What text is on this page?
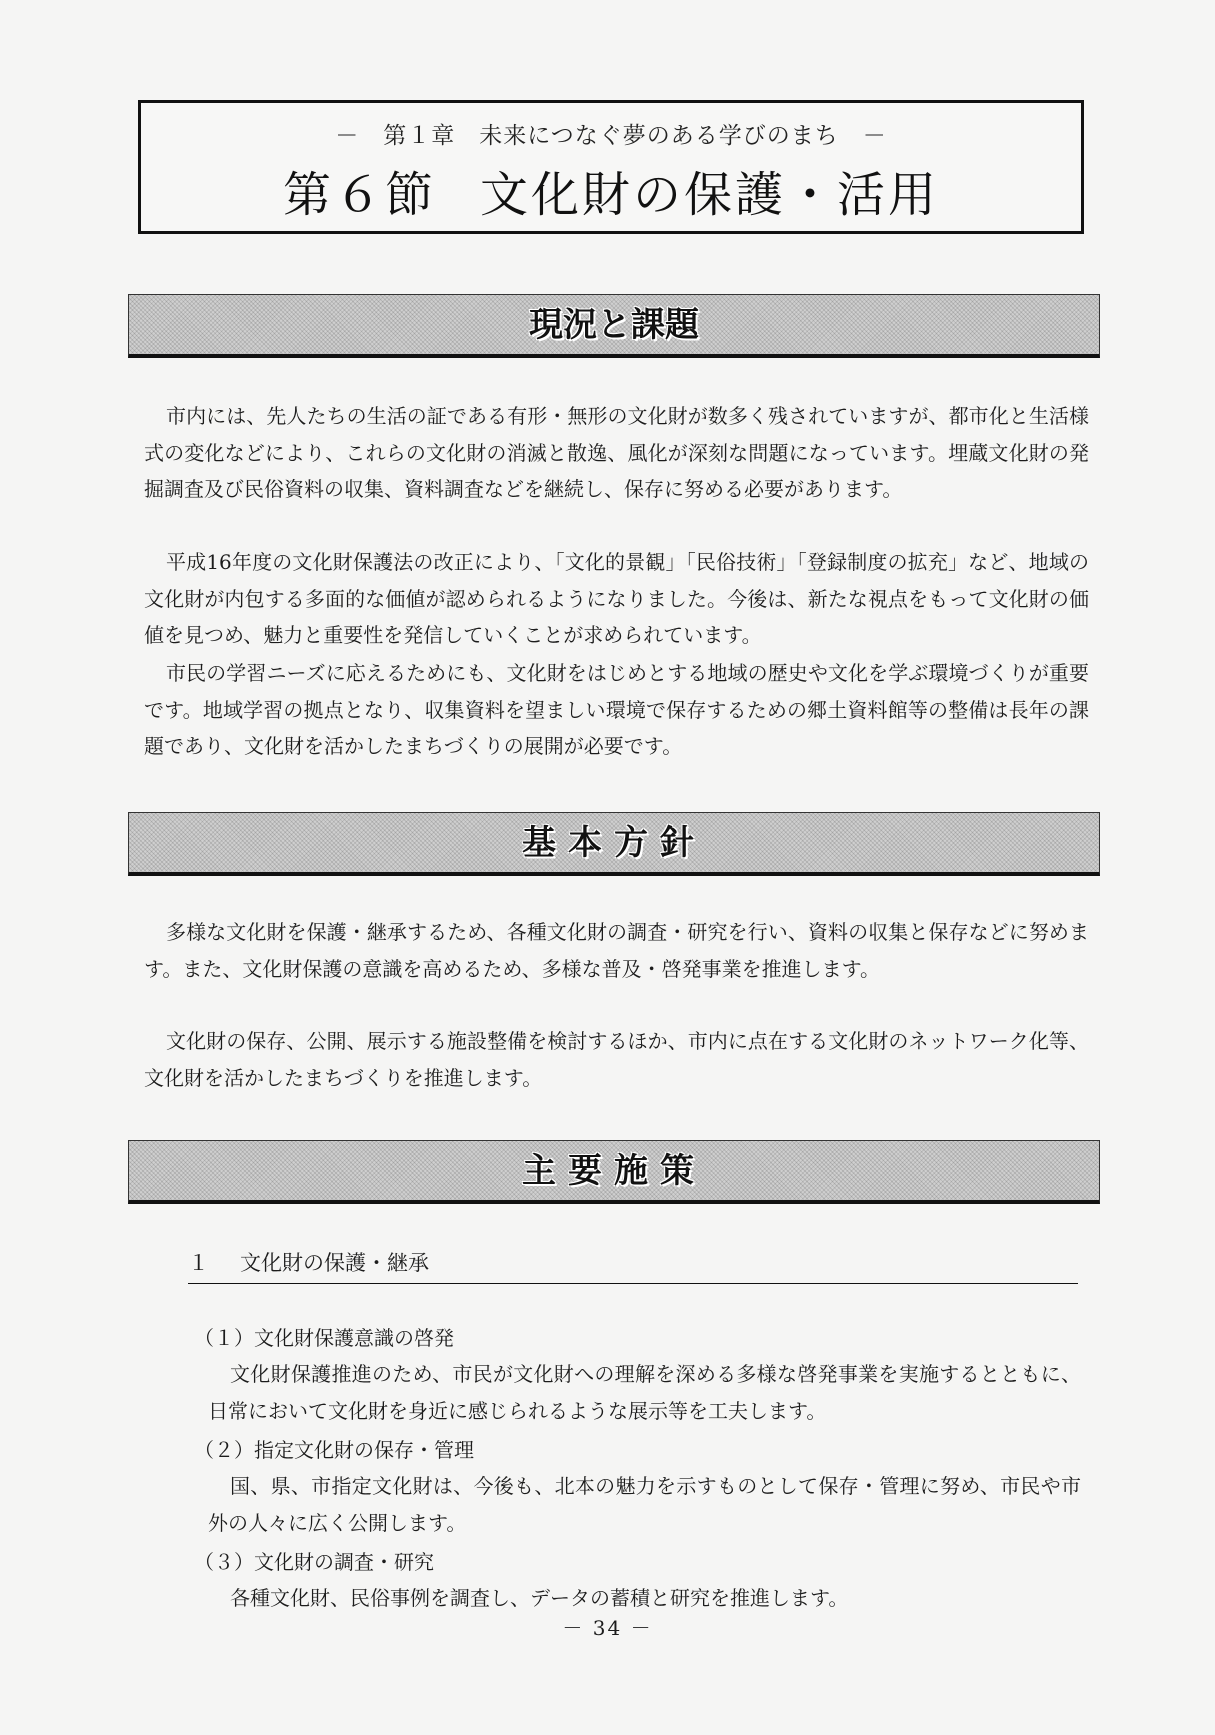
－　第１章　未来につなぐ夢のある学びのまち　－
第６節 文化財の保護・活用
現況と課題

市内には、先人たちの生活の証である有形・無形の文化財が数多く残されていますが、都市化と生活様式の変化などにより、これらの文化財の消滅と散逸、風化が深刻な問題になっています。埋蔵文化財の発掘調査及び民俗資料の収集、資料調査などを継続し、保存に努める必要があります。

平成16年度の文化財保護法の改正により、「文化的景観」「民俗技術」「登録制度の拡充」など、地域の文化財が内包する多面的な価値が認められるようになりました。今後は、新たな視点をもって文化財の価値を見つめ、魅力と重要性を発信していくことが求められています。

市民の学習ニーズに応えるためにも、文化財をはじめとする地域の歴史や文化を学ぶ環境づくりが重要です。地域学習の拠点となり、収集資料を望ましい環境で保存するための郷土資料館等の整備は長年の課題であり、文化財を活かしたまちづくりの展開が必要です。

基本方針

多様な文化財を保護・継承するため、各種文化財の調査・研究を行い、資料の収集と保存などに努めます。また、文化財保護の意識を高めるため、多様な普及・啓発事業を推進します。

文化財の保存、公開、展示する施設整備を検討するほか、市内に点在する文化財のネットワーク化等、文化財を活かしたまちづくりを推進します。

主要施策
１ 文化財の保護・継承
（１）文化財保護意識の啓発

文化財保護推進のため、市民が文化財への理解を深める多様な啓発事業を実施するとともに、日常において文化財を身近に感じられるような展示等を工夫します。

（２）指定文化財の保存・管理

国、県、市指定文化財は、今後も、北本の魅力を示すものとして保存・管理に努め、市民や市外の人々に広く公開します。

（３）文化財の調査・研究

各種文化財、民俗事例を調査し、データの蓄積と研究を推進します。

－ 34 －
